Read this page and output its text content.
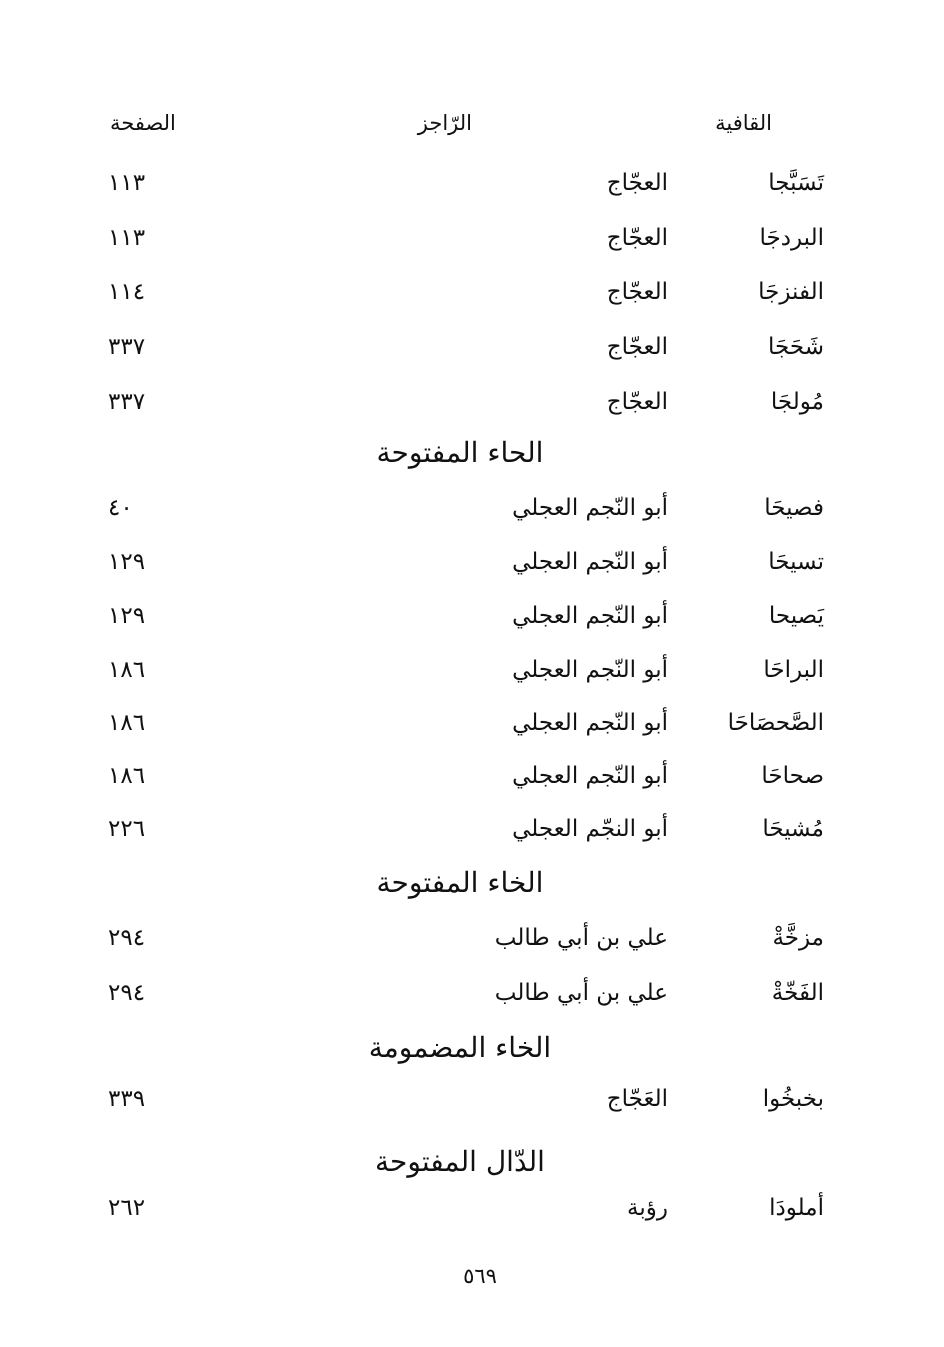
القافية
الرّاجز
الصفحة
تَسَبَّجا
العجّاج
١١٣
البردجَا
العجّاج
١١٣
الفنزجَا
العجّاج
١١٤
شَحَجَا
العجّاج
٣٣٧
مُولجَا
العجّاج
٣٣٧
الحاء المفتوحة
فصيحَا
أبو النّجم العجلي
٤٠
تسيحَا
أبو النّجم العجلي
١٢٩
يَصيحا
أبو النّجم العجلي
١٢٩
البراحَا
أبو النّجم العجلي
١٨٦
الصَّحصَاحَا
أبو النّجم العجلي
١٨٦
صحاحَا
أبو النّجم العجلي
١٨٦
مُشيحَا
أبو النجّم العجلي
٢٢٦
الخاء المفتوحة
مزخَّةْ
علي بن أبي طالب
٢٩٤
الفَخّةْ
علي بن أبي طالب
٢٩٤
الخاء المضمومة
بخبخُوا
العَجّاج
٣٣٩
الدّال المفتوحة
أملودَا
رؤبة
٢٦٢
٥٦٩
